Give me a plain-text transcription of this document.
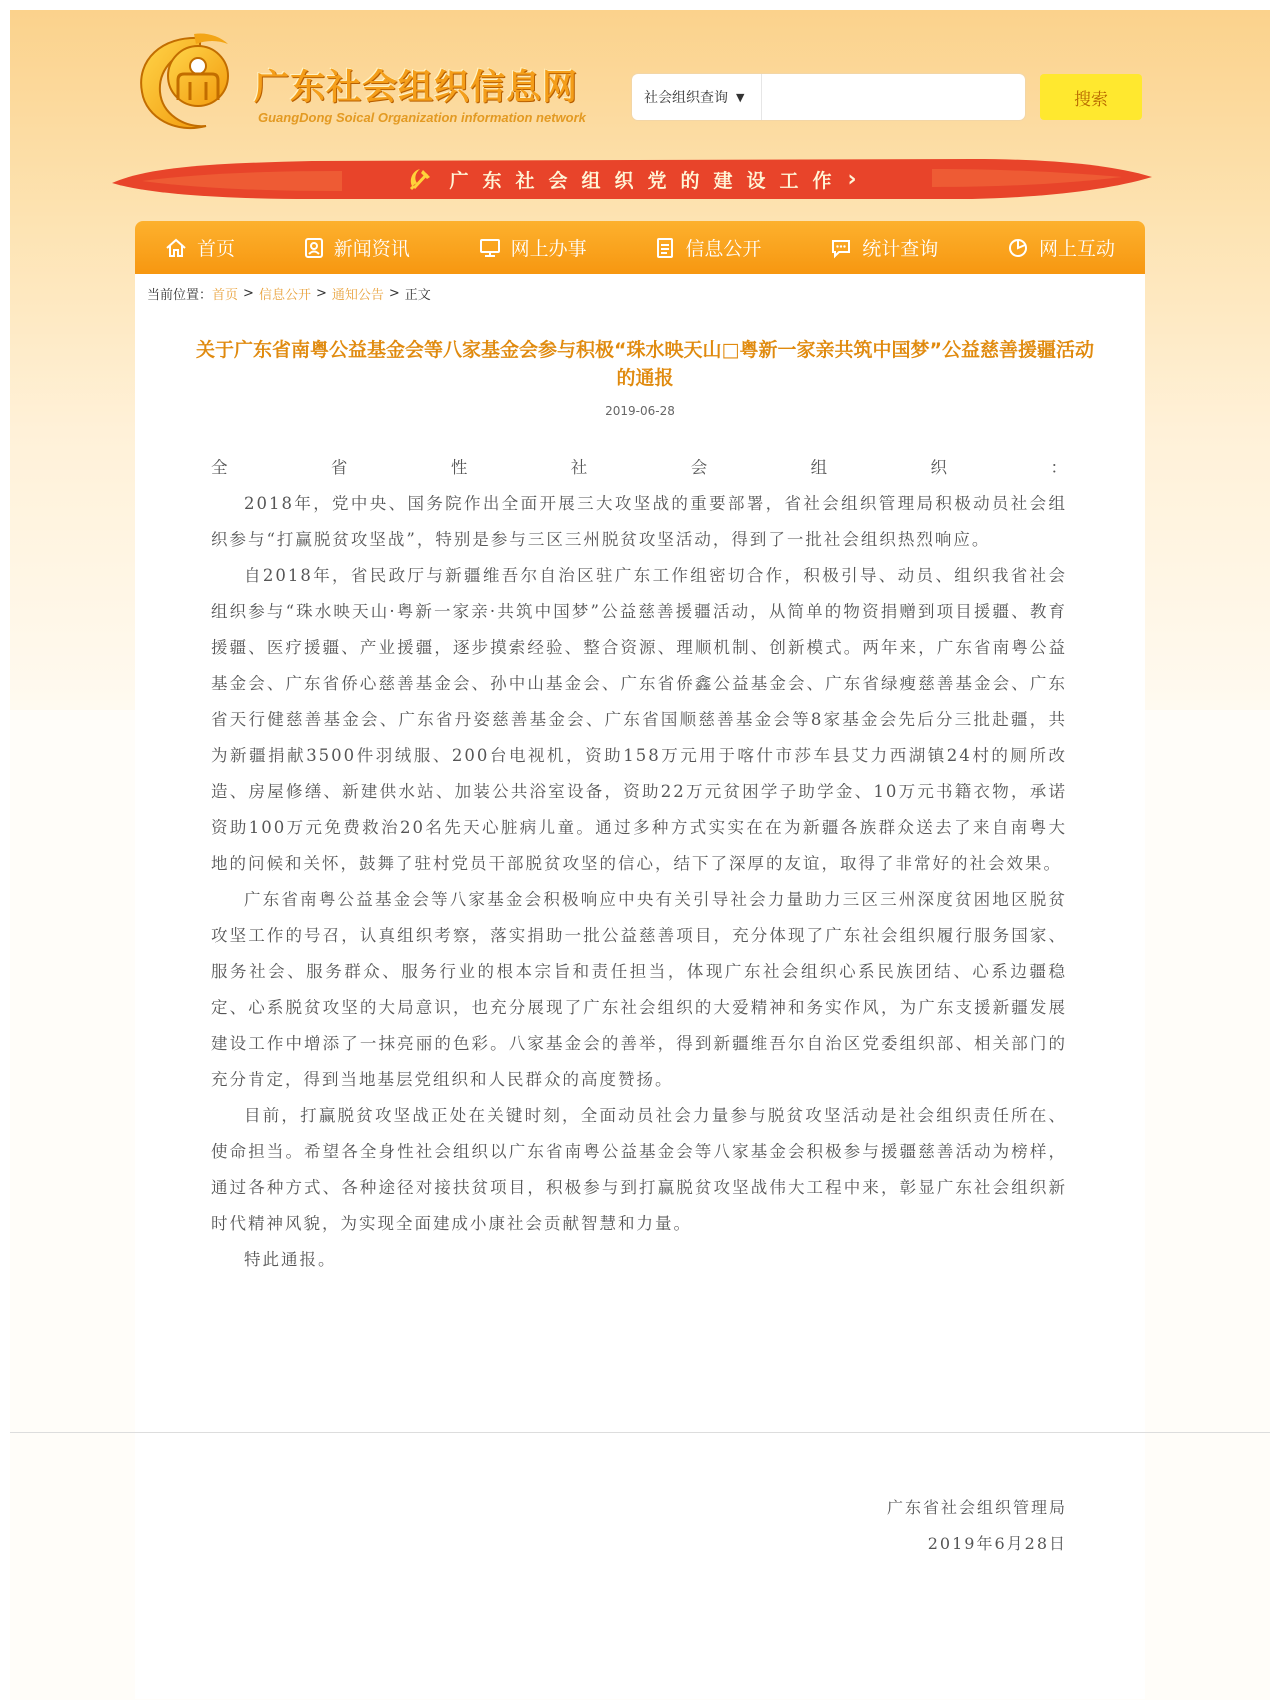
广东社会组织信息网
GuangDong Soical Organization information network
社会组织查询 ▼	搜索
广东社会组织党的建设工作 ›
首页	新闻资讯	网上办事	信息公开	统计查询	网上互动
当前位置： 首页 > 信息公开 > 通知公告 > 正文
关于广东省南粤公益基金会等八家基金会参与积极“珠水映天山□粤新一家亲共筑中国梦”公益慈善援疆活动的通报
2019-06-28
全	省	性	社	会	组	织	：

2018年，党中央、国务院作出全面开展三大攻坚战的重要部署，省社会组织管理局积极动员社会组织参与“打赢脱贫攻坚战”，特别是参与三区三州脱贫攻坚活动，得到了一批社会组织热烈响应。

自2018年，省民政厅与新疆维吾尔自治区驻广东工作组密切合作，积极引导、动员、组织我省社会组织参与“珠水映天山·粤新一家亲·共筑中国梦”公益慈善援疆活动，从简单的物资捐赠到项目援疆、教育援疆、医疗援疆、产业援疆，逐步摸索经验、整合资源、理顺机制、创新模式。两年来，广东省南粤公益基金会、广东省侨心慈善基金会、孙中山基金会、广东省侨鑫公益基金会、广东省绿瘦慈善基金会、广东省天行健慈善基金会、广东省丹姿慈善基金会、广东省国顺慈善基金会等8家基金会先后分三批赴疆，共为新疆捐献3500件羽绒服、200台电视机，资助158万元用于喀什市莎车县艾力西湖镇24村的厕所改造、房屋修缮、新建供水站、加装公共浴室设备，资助22万元贫困学子助学金、10万元书籍衣物，承诺资助100万元免费救治20名先天心脏病儿童。通过多种方式实实在在为新疆各族群众送去了来自南粤大地的问候和关怀，鼓舞了驻村党员干部脱贫攻坚的信心，结下了深厚的友谊，取得了非常好的社会效果。

广东省南粤公益基金会等八家基金会积极响应中央有关引导社会力量助力三区三州深度贫困地区脱贫攻坚工作的号召，认真组织考察，落实捐助一批公益慈善项目，充分体现了广东社会组织履行服务国家、服务社会、服务群众、服务行业的根本宗旨和责任担当，体现广东社会组织心系民族团结、心系边疆稳定、心系脱贫攻坚的大局意识，也充分展现了广东社会组织的大爱精神和务实作风，为广东支援新疆发展建设工作中增添了一抹亮丽的色彩。八家基金会的善举，得到新疆维吾尔自治区党委组织部、相关部门的充分肯定，得到当地基层党组织和人民群众的高度赞扬。

目前，打赢脱贫攻坚战正处在关键时刻，全面动员社会力量参与脱贫攻坚活动是社会组织责任所在、使命担当。希望各全身性社会组织以广东省南粤公益基金会等八家基金会积极参与援疆慈善活动为榜样，通过各种方式、各种途径对接扶贫项目，积极参与到打赢脱贫攻坚战伟大工程中来，彰显广东社会组织新时代精神风貌，为实现全面建成小康社会贡献智慧和力量。

特此通报。

广东省社会组织管理局
2019年6月28日
